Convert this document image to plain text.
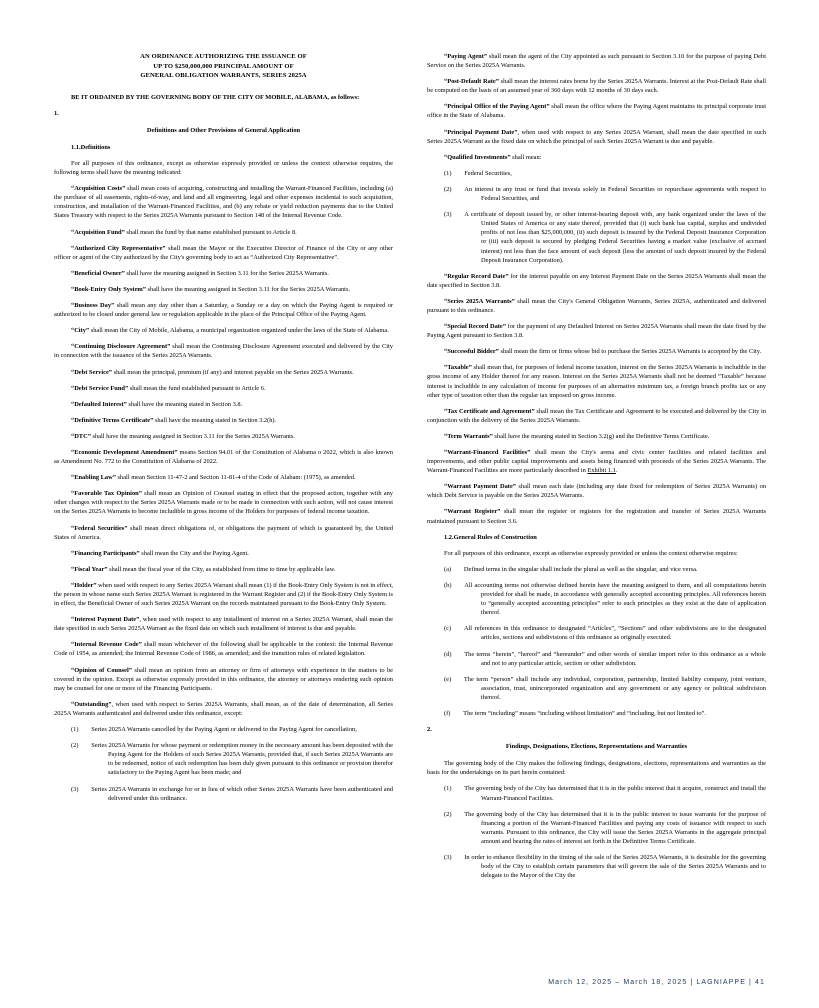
AN ORDINANCE AUTHORIZING THE ISSUANCE OF
UP TO $250,000,000 PRINCIPAL AMOUNT OF
GENERAL OBLIGATION WARRANTS, SERIES 2025A

BE IT ORDAINED BY THE GOVERNING BODY OF THE CITY OF MOBILE, ALABAMA, as follows:

1.

Definitions and Other Provisions of General Application

1.1.Definitions

For all purposes of this ordinance, except as otherwise expressly provided or unless the context otherwise requires, the following terms shall have the meaning indicated:

“Acquisition Costs” shall mean costs of acquiring, constructing and installing the Warrant-Financed Facilities, including (a) the purchase of all easements, rights-of-way, and land and all engineering, legal and other expenses incidental to such acquisition, construction, and installation of the Warrant-Financed Facilities, and (b) any rebate or yield reduction payments due to the United States Treasury with respect to the Series 2025A Warrants pursuant to Section 148 of the Internal Revenue Code.

“Acquisition Fund” shall mean the fund by that name established pursuant to Article 8.

“Authorized City Representative” shall mean the Mayor or the Executive Director of Finance of the City or any other officer or agent of the City authorized by the City's governing body to act as “Authorized City Representative”.

“Beneficial Owner” shall have the meaning assigned in Section 3.11 for the Series 2025A Warrants.

“Book-Entry Only System” shall have the meaning assigned in Section 3.11 for the Series 2025A Warrants.

“Business Day” shall mean any day other than a Saturday, a Sunday or a day on which the Paying Agent is required or authorized to be closed under general law or regulation applicable in the place of the Principal Office of the Paying Agent.

“City” shall mean the City of Mobile, Alabama, a municipal organization organized under the laws of the State of Alabama.

“Continuing Disclosure Agreement” shall mean the Continuing Disclosure Agreement executed and delivered by the City in connection with the issuance of the Series 2025A Warrants.

“Debt Service” shall mean the principal, premium (if any) and interest payable on the Series 2025A Warrants.

“Debt Service Fund” shall mean the fund established pursuant to Article 6.

“Defaulted Interest” shall have the meaning stated in Section 3.8.

“Definitive Terms Certificate” shall have the meaning stated in Section 3.2(h).

“DTC” shall have the meaning assigned in Section 3.11 for the Series 2025A Warrants.

“Economic Development Amendment” means Section 94.01 of the Constitution of Alabama o 2022, which is also known as Amendment No. 772 to the Constitution of Alabama of 2022.

“Enabling Law” shall mean Section 11-47-2 and Section 11-81-4 of the Code of Alabam: (1975), as amended.

“Favorable Tax Opinion” shall mean an Opinion of Counsel stating in effect that the proposed action, together with any other changes with respect to the Series 2025A Warrants made or to be made in connection with such action, will not cause interest on the Series 2025A Warrants to become includible in gross income of the Holders for purposes of federal income taxation.

“Federal Securities” shall mean direct obligations of, or obligations the payment of which is guaranteed by, the United States of America.

“Financing Participants” shall mean the City and the Paying Agent.

“Fiscal Year” shall mean the fiscal year of the City, as established from time to time by applicable law.

“Holder” when used with respect to any Series 2025A Warrant shall mean (1) if the Book-Entry Only System is not in effect, the person in whose name such Series 2025A Warrant is registered in the Warrant Register and (2) if the Book-Entry Only System is in effect, the Beneficial Owner of such Series 2025A Warrant on the records maintained pursuant to the Book-Entry Only System.

“Interest Payment Date”, when used with respect to any installment of interest on a Series 2025A Warrant, shall mean the date specified in such Series 2025A Warrant as the fixed date on which such installment of interest is due and payable.

“Internal Revenue Code” shall mean whichever of the following shall be applicable in the context: the Internal Revenue Code of 1954, as amended; the Internal Revenue Code of 1986, as amended; and the transition rules of related legislation.

“Opinion of Counsel” shall mean an opinion from an attorney or firm of attorneys with experience in the matters to be covered in the opinion. Except as otherwise expressly provided in this ordinance, the attorney or attorneys rendering such opinion may be counsel for one or more of the Financing Participants.

“Outstanding”, when used with respect to Series 2025A Warrants, shall mean, as of the date of determination, all Series 2025A Warrants authenticated and delivered under this ordinance, except:

(1)   Series 2025A Warrants cancelled by the Paying Agent or delivered to the Paying Agent for cancellation,

(2)   Series 2025A Warrants for whose payment or redemption money in the necessary amount has been deposited with the Paying Agent for the Holders of such Series 2025A Warrants, provided that, if such Series 2025A Warrants are to be redeemed, notice of such redemption has been duly given pursuant to this ordinance or provision therefor satisfactory to the Paying Agent has been made; and

(3)   Series 2025A Warrants in exchange for or in lieu of which other Series 2025A Warrants have been authenticated and delivered under this ordinance.

“Paying Agent” shall mean the agent of the City appointed as such pursuant to Section 3.10 for the purpose of paying Debt Service on the Series 2025A Warrants.

“Post-Default Rate” shall mean the interest rates borne by the Series 2025A Warrants. Interest at the Post-Default Rate shall be computed on the basis of an assumed year of 360 days with 12 months of 30 days each.

“Principal Office of the Paying Agent” shall mean the office where the Paying Agent maintains its principal corporate trust office in the State of Alabama.

“Principal Payment Date”, when used with respect to any Series 2025A Warrant, shall mean the date specified in such Series 2025A Warrant as the fixed date on which the principal of such Series 2025A Warrant is due and payable.

“Qualified Investments” shall mean:

(1)   Federal Securities,

(2)   An interest in any trust or fund that invests solely in Federal Securities or repurchase agreements with respect to Federal Securities, and

(3)   A certificate of deposit issued by, or other interest-bearing deposit with, any bank organized under the laws of the United States of America or any state thereof, provided that (i) such bank has capital, surplus and undivided profits of not less than $25,000,000, (ii) such deposit is insured by the Federal Deposit Insurance Corporation or (iii) such deposit is secured by pledging Federal Securities having a market value (exclusive of accrued interest) not less than the face amount of such deposit (less the amount of such deposit insured by the Federal Deposit Insurance Corporation).

“Regular Record Date” for the interest payable on any Interest Payment Date on the Series 2025A Warrants shall mean the date specified in Section 3.8.

“Series 2025A Warrants” shall mean the City's General Obligation Warrants, Series 2025A, authenticated and delivered pursuant to this ordinance.

“Special Record Date” for the payment of any Defaulted Interest on Series 2025A Warrants shall mean the date fixed by the Paying Agent pursuant to Section 3.8.

“Successful Bidder” shall mean the firm or firms whose bid to purchase the Series 2025A Warrants is accepted by the City.

“Taxable” shall mean that, for purposes of federal income taxation, interest on the Series 2025A Warrants is includible in the gross income of any Holder thereof for any reason. Interest on the Series 2025A Warrants shall not be deemed “Taxable” because interest is includible in any calculation of income for purposes of an alternative minimum tax, a foreign branch profits tax or any other type of taxation other than the regular tax imposed on gross income.

“Tax Certificate and Agreement” shall mean the Tax Certificate and Agreement to be executed and delivered by the City in conjunction with the delivery of the Series 2025A Warrants.

“Term Warrants” shall have the meaning stated in Section 3.2(g) and the Definitive Terms Certificate.

“Warrant-Financed Facilities” shall mean the City's arena and civic center facilities and related facilities and improvements, and other public capital improvements and assets being financed with proceeds of the Series 2025A Warrants. The Warrant-Financed Facilities are more particularly described in Exhibit 1.1.

“Warrant Payment Date” shall mean each date (including any date fixed for redemption of Series 2025A Warrants) on which Debt Service is payable on the Series 2025A Warrants.

“Warrant Register” shall mean the register or registers for the registration and transfer of Series 2025A Warrants maintained pursuant to Section 3.6.

1.2.General Rules of Construction

For all purposes of this ordinance, except as otherwise expressly provided or unless the context otherwise requires:

(a)   Defined terms in the singular shall include the plural as well as the singular, and vice versa.

(b)   All accounting terms not otherwise defined herein have the meaning assigned to them, and all computations herein provided for shall be made, in accordance with generally accepted accounting principles. All references herein to “generally accepted accounting principles” refer to such principles as they exist at the date of application thereof.

(c)   All references in this ordinance to designated “Articles”, “Sections” and other subdivisions are to the designated articles, sections and subdivisions of this ordinance as originally executed.

(d)   The terms “herein”, “hereof” and “hereunder” and other words of similar import refer to this ordinance as a whole and not to any particular article, section or other subdivision.

(e)   The term “person” shall include any individual, corporation, partnership, limited liability company, joint venture, association, trust, unincorporated organization and any government or any agency or political subdivision thereof.

(f)   The term “including” means “including without limitation” and “including, but not limited to”.

2.

Findings, Designations, Elections, Representations and Warranties

The governing body of the City makes the following findings, designations, elections, representations and warranties as the basis for the undertakings on its part herein contained:

(1)   The governing body of the City has determined that it is in the public interest that it acquire, construct and install the Warrant-Financed Facilities.

(2)   The governing body of the City has determined that it is in the public interest to issue warrants for the purpose of financing a portion of the Warrant-Financed Facilities and paying any costs of issuance with respect to such warrants. Pursuant to this ordinance, the City will issue the Series 2025A Warrants in the aggregate principal amount and bearing the rates of interest set forth in the Definitive Terms Certificate.

(3)   In order to enhance flexibility in the timing of the sale of the Series 2025A Warrants, it is desirable for the governing body of the City to establish certain parameters that will govern the sale of the Series 2025A Warrants and to delegate to the Mayor of the City the

March 12, 2025 – March 18, 2025 | LAGNIAPPE | 41
